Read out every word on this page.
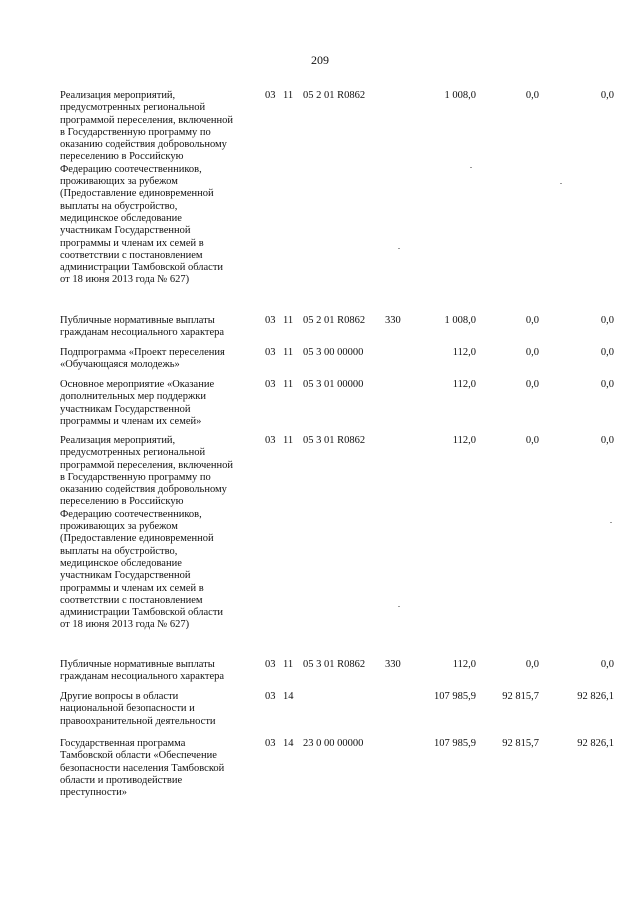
209
Реализация мероприятий,
предусмотренных региональной
программой переселения, включенной
в Государственную программу по
оказанию содействия добровольному
переселению в Российскую
Федерацию соотечественников,
проживающих за рубежом
(Предоставление единовременной
выплаты на обустройство,
медицинское обследование
участникам Государственной
программы и членам их семей в
соответствии с постановлением
администрации Тамбовской области
от 18 июня 2013 года № 627)
03 11 05 2 01 R0862	1 008,0	0,0	0,0
Публичные нормативные выплаты
гражданам несоциального характера
03 11 05 2 01 R0862 330	1 008,0	0,0	0,0
Подпрограмма «Проект переселения
«Обучающаяся молодежь»
03 11 05 3 00 00000	112,0	0,0	0,0
Основное мероприятие «Оказание
дополнительных мер поддержки
участникам Государственной
программы и членам их семей»
03 11 05 3 01 00000	112,0	0,0	0,0
Реализация мероприятий,
предусмотренных региональной
программой переселения, включенной
в Государственную программу по
оказанию содействия добровольному
переселению в Российскую
Федерацию соотечественников,
проживающих за рубежом
(Предоставление единовременной
выплаты на обустройство,
медицинское обследование
участникам Государственной
программы и членам их семей в
соответствии с постановлением
администрации Тамбовской области
от 18 июня 2013 года № 627)
03 11 05 3 01 R0862	112,0	0,0	0,0
Публичные нормативные выплаты
гражданам несоциального характера
03 11 05 3 01 R0862 330	112,0	0,0	0,0
Другие вопросы в области
национальной безопасности и
правоохранительной деятельности
03 14	107 985,9	92 815,7	92 826,1
Государственная программа
Тамбовской области «Обеспечение
безопасности населения Тамбовской
области и противодействие
преступности»
03 14 23 0 00 00000	107 985,9	92 815,7	92 826,1
